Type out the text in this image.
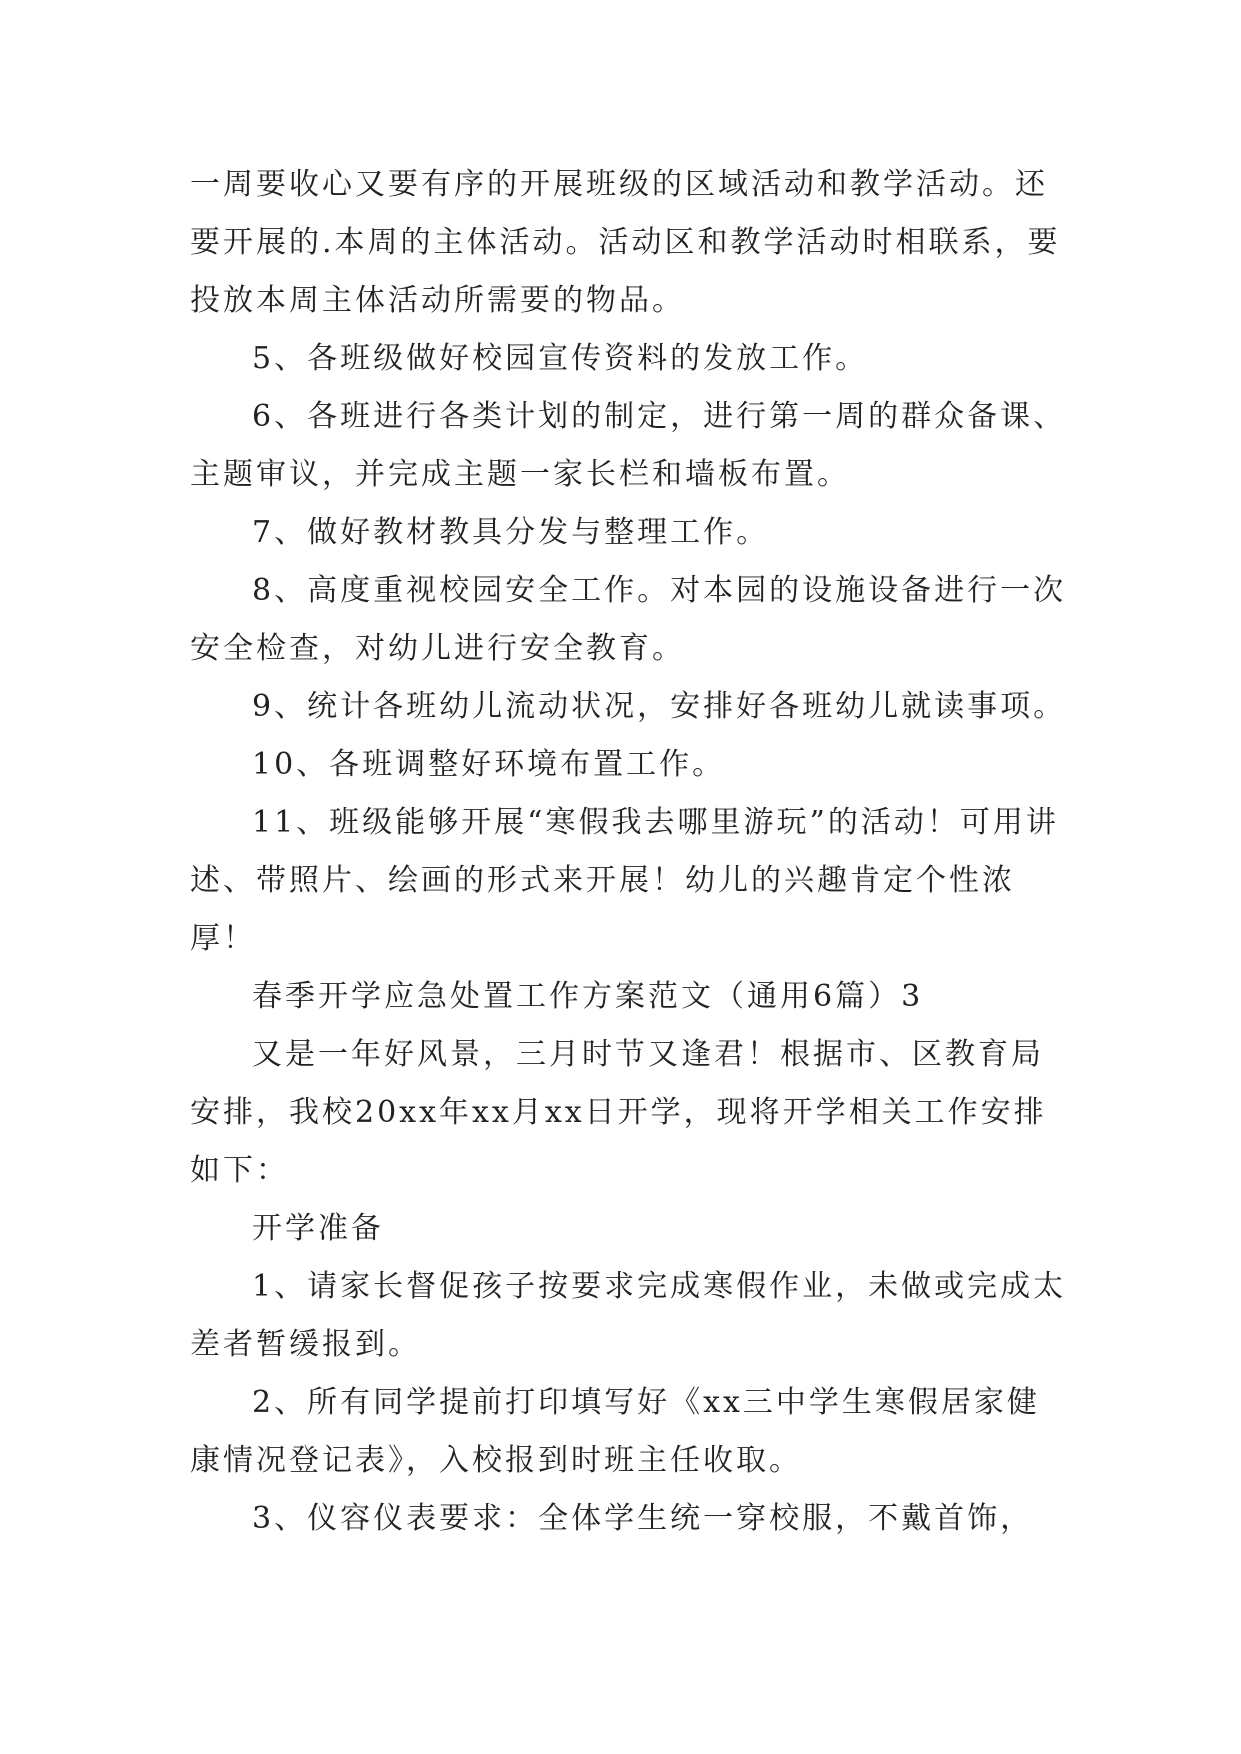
一周要收心又要有序的开展班级的区域活动和教学活动。还要开展的.本周的主体活动。活动区和教学活动时相联系，要投放本周主体活动所需要的物品。

5、各班级做好校园宣传资料的发放工作。

6、各班进行各类计划的制定，进行第一周的群众备课、主题审议，并完成主题一家长栏和墙板布置。

7、做好教材教具分发与整理工作。

8、高度重视校园安全工作。对本园的设施设备进行一次安全检查，对幼儿进行安全教育。

9、统计各班幼儿流动状况，安排好各班幼儿就读事项。

10、各班调整好环境布置工作。

11、班级能够开展“寒假我去哪里游玩”的活动！可用讲述、带照片、绘画的形式来开展！幼儿的兴趣肯定个性浓厚！

春季开学应急处置工作方案范文（通用6篇）3

又是一年好风景，三月时节又逢君！根据市、区教育局安排，我校20xx年xx月xx日开学，现将开学相关工作安排如下：

开学准备

1、请家长督促孩子按要求完成寒假作业，未做或完成太差者暂缓报到。

2、所有同学提前打印填写好《xx三中学生寒假居家健康情况登记表》，入校报到时班主任收取。

3、仪容仪表要求：全体学生统一穿校服，不戴首饰，
